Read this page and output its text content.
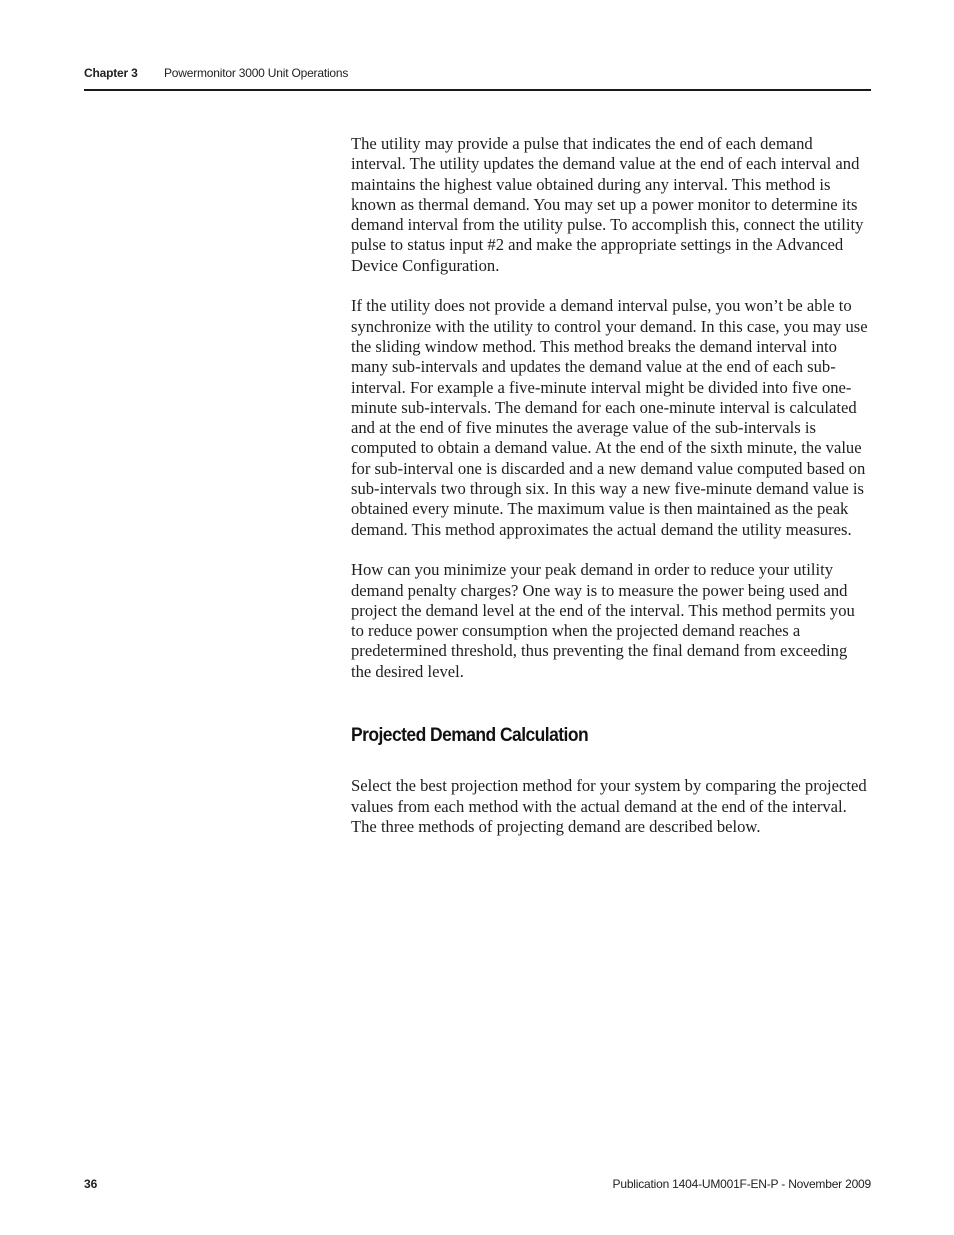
Chapter 3 Powermonitor 3000 Unit Operations

The utility may provide a pulse that indicates the end of each demand interval. The utility updates the demand value at the end of each interval and maintains the highest value obtained during any interval. This method is known as thermal demand. You may set up a power monitor to determine its demand interval from the utility pulse. To accomplish this, connect the utility pulse to status input #2 and make the appropriate settings in the Advanced Device Configuration.

If the utility does not provide a demand interval pulse, you won’t be able to synchronize with the utility to control your demand. In this case, you may use the sliding window method. This method breaks the demand interval into many sub-intervals and updates the demand value at the end of each sub-interval. For example a five-minute interval might be divided into five one-minute sub-intervals. The demand for each one-minute interval is calculated and at the end of five minutes the average value of the sub-intervals is computed to obtain a demand value. At the end of the sixth minute, the value for sub-interval one is discarded and a new demand value computed based on sub-intervals two through six. In this way a new five-minute demand value is obtained every minute. The maximum value is then maintained as the peak demand. This method approximates the actual demand the utility measures.

How can you minimize your peak demand in order to reduce your utility demand penalty charges? One way is to measure the power being used and project the demand level at the end of the interval. This method permits you to reduce power consumption when the projected demand reaches a predetermined threshold, thus preventing the final demand from exceeding the desired level.

Projected Demand Calculation

Select the best projection method for your system by comparing the projected values from each method with the actual demand at the end of the interval. The three methods of projecting demand are described below.

36	Publication 1404-UM001F-EN-P - November 2009
